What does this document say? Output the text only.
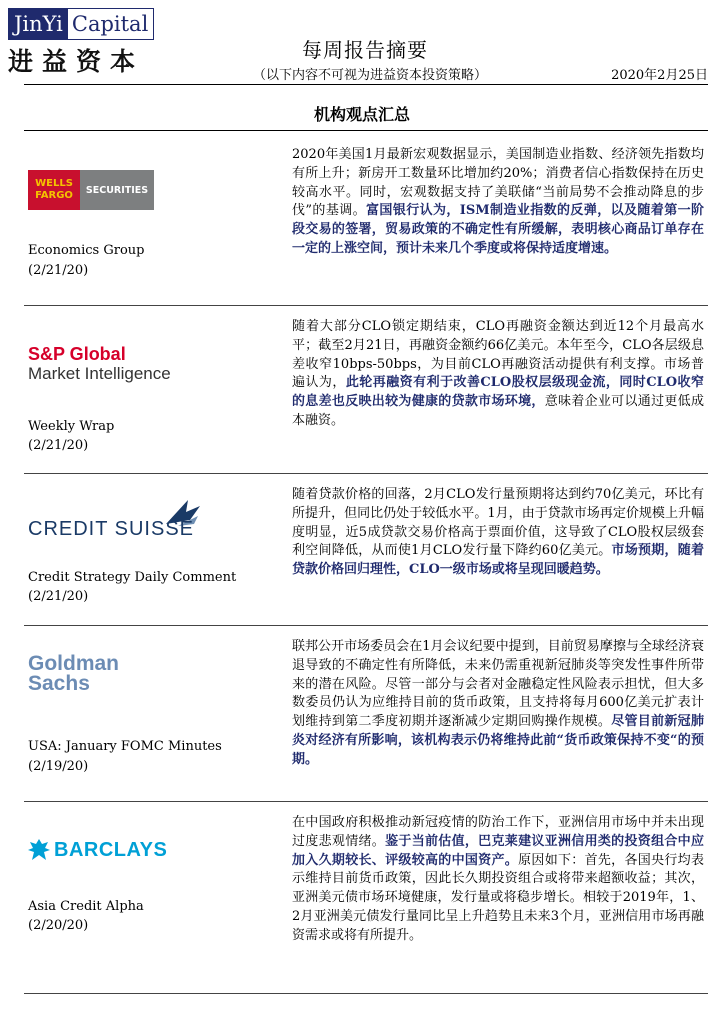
JinYi Capital
进益资本	每周报告摘要
（以下内容不可视为进益资本投资策略）	2020年2月25日
机构观点汇总
WELLS
FARGO SECURITIES
Economics Group
(2/21/20)
2020年美国1月最新宏观数据显示，美国制造业指数、经济领先指数均有所上升；新房开工数量环比增加约20%；消费者信心指数保持在历史较高水平。同时，宏观数据支持了美联储“当前局势不会推动降息的步伐”的基调。富国银行认为，ISM制造业指数的反弹，以及随着第一阶段交易的签署，贸易政策的不确定性有所缓解，表明核心商品订单存在一定的上涨空间，预计未来几个季度或将保持适度增速。
S&P Global
Market Intelligence
Weekly Wrap
(2/21/20)
随着大部分CLO锁定期结束，CLO再融资金额达到近12个月最高水平；截至2月21日，再融资金额约66亿美元。本年至今，CLO各层级息差收窄10bps-50bps，为目前CLO再融资活动提供有利支撑。市场普遍认为，此轮再融资有利于改善CLO股权层级现金流，同时CLO收窄的息差也反映出较为健康的贷款市场环境，意味着企业可以通过更低成本融资。
CREDIT SUISSE
Credit Strategy Daily Comment
(2/21/20)
随着贷款价格的回落，2月CLO发行量预期将达到约70亿美元，环比有所提升，但同比仍处于较低水平。1月，由于贷款市场再定价规模上升幅度明显，近5成贷款交易价格高于票面价值，这导致了CLO股权层级套利空间降低，从而使1月CLO发行量下降约60亿美元。市场预期，随着贷款价格回归理性，CLO一级市场或将呈现回暖趋势。
Goldman
Sachs
USA: January FOMC Minutes
(2/19/20)
联邦公开市场委员会在1月会议纪要中提到，目前贸易摩擦与全球经济衰退导致的不确定性有所降低，未来仍需重视新冠肺炎等突发性事件所带来的潜在风险。尽管一部分与会者对金融稳定性风险表示担忧，但大多数委员仍认为应维持目前的货币政策，且支持将每月600亿美元扩表计划维持到第二季度初期并逐渐减少定期回购操作规模。尽管目前新冠肺炎对经济有所影响，该机构表示仍将维持此前“货币政策保持不变“的预期。
BARCLAYS
Asia Credit Alpha
(2/20/20)
在中国政府积极推动新冠疫情的防治工作下，亚洲信用市场中并未出现过度悲观情绪。鉴于当前估值，巴克莱建议亚洲信用类的投资组合中应加入久期较长、评级较高的中国资产。原因如下：首先，各国央行均表示维持目前货币政策，因此长久期投资组合或将带来超额收益；其次，亚洲美元债市场环境健康，发行量或将稳步增长。相较于2019年，1、2月亚洲美元债发行量同比呈上升趋势且未来3个月，亚洲信用市场再融资需求或将有所提升。
